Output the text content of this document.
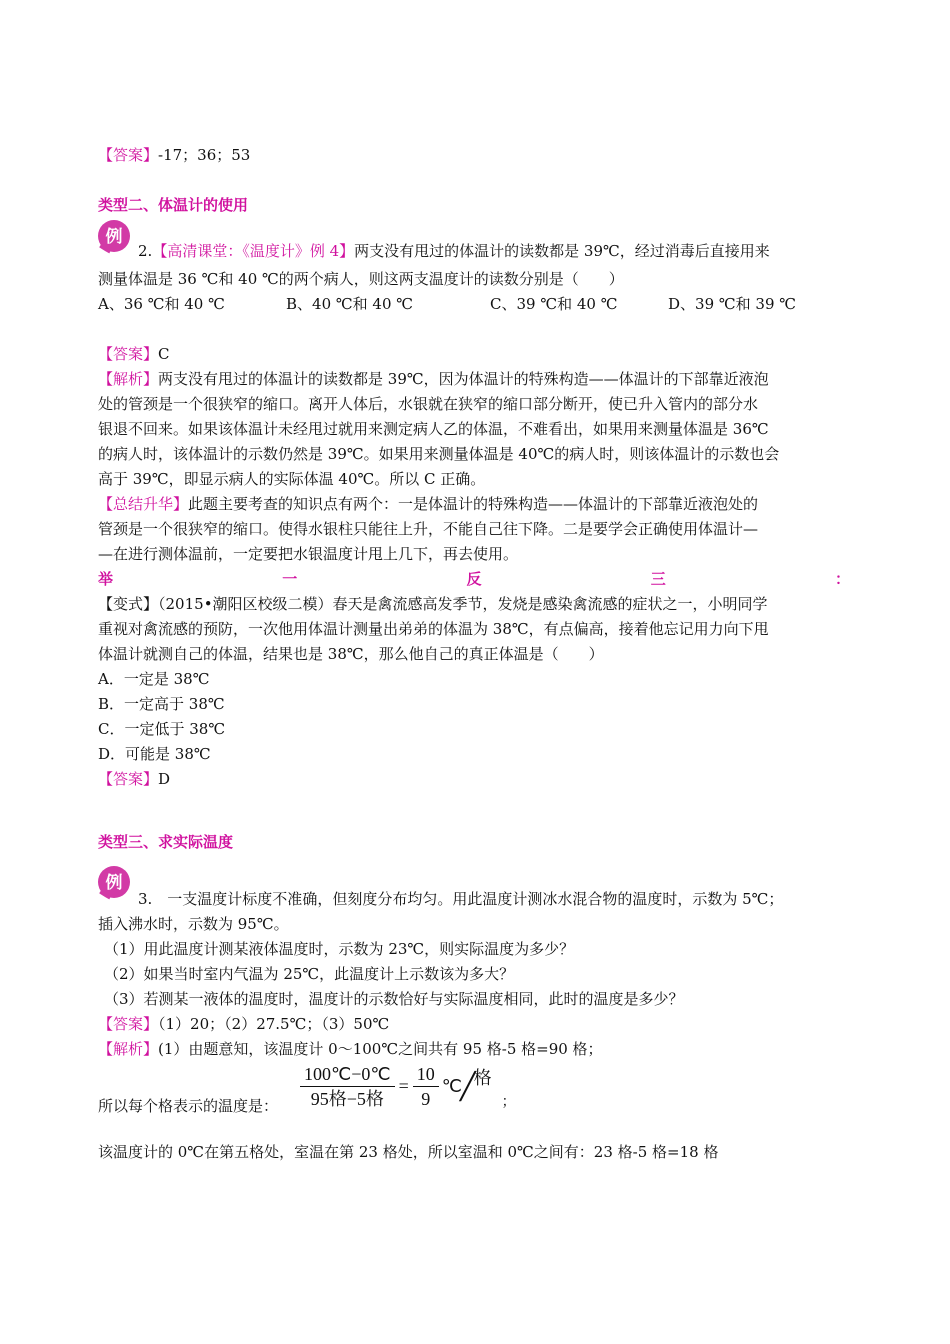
【答案】-17；36；53
类型二、体温计的使用
例
2.【高清课堂：《温度计》例 4】两支没有甩过的体温计的读数都是 39℃，经过消毒后直接用来
测量体温是 36 ℃和 40 ℃的两个病人，则这两支温度计的读数分别是（　　）
A、36 ℃和 40 ℃	B、40 ℃和 40 ℃	C、39 ℃和 40 ℃	D、39 ℃和 39 ℃
【答案】C
【解析】两支没有甩过的体温计的读数都是 39℃，因为体温计的特殊构造——体温计的下部靠近液泡
处的管颈是一个很狭窄的缩口。离开人体后，水银就在狭窄的缩口部分断开，使已升入管内的部分水
银退不回来。如果该体温计未经甩过就用来测定病人乙的体温，不难看出，如果用来测量体温是 36℃
的病人时，该体温计的示数仍然是 39℃。如果用来测量体温是 40℃的病人时，则该体温计的示数也会
高于 39℃，即显示病人的实际体温 40℃。所以 C 正确。
【总结升华】此题主要考查的知识点有两个：一是体温计的特殊构造——体温计的下部靠近液泡处的
管颈是一个很狭窄的缩口。使得水银柱只能往上升，不能自己往下降。二是要学会正确使用体温计—
—在进行测体温前，一定要把水银温度计甩上几下，再去使用。
举	一	反	三	：
【变式】（2015•潮阳区校级二模）春天是禽流感高发季节，发烧是感染禽流感的症状之一，小明同学
重视对禽流感的预防，一次他用体温计测量出弟弟的体温为 38℃，有点偏高，接着他忘记用力向下甩
体温计就测自己的体温，结果也是 38℃，那么他自己的真正体温是（　　）
A．一定是 38℃
B．一定高于 38℃
C．一定低于 38℃
D．可能是 38℃
【答案】D
类型三、求实际温度
例
3.　一支温度计标度不准确，但刻度分布均匀。用此温度计测冰水混合物的温度时，示数为 5℃；
插入沸水时，示数为 95℃。
（1）用此温度计测某液体温度时，示数为 23℃，则实际温度为多少？
（2）如果当时室内气温为 25℃，此温度计上示数该为多大？
（3）若测某一液体的温度时，温度计的示数恰好与实际温度相同，此时的温度是多少？
【答案】（1）20；（2）27.5℃；（3）50℃
【解析】(1）由题意知，该温度计 0～100℃之间共有 95 格-5 格=90 格；
所以每个格表示的温度是： $\frac{100℃-0℃}{\text{95格−5格}} = \frac{10}{9}$ ℃
╱
格
；
该温度计的 0℃在第五格处，室温在第 23 格处，所以室温和 0℃之间有：23 格-5 格=18 格
